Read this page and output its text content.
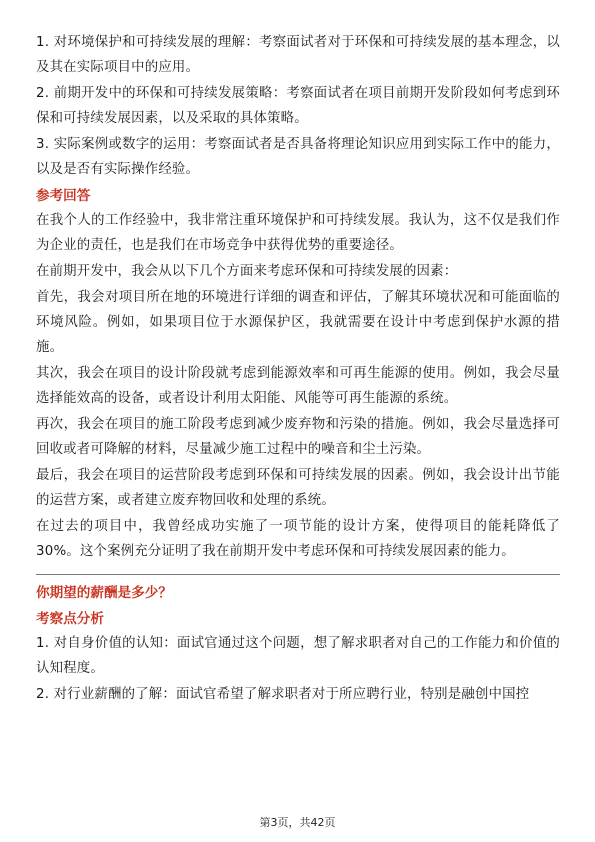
1. 对环境保护和可持续发展的理解：考察面试者对于环保和可持续发展的基本理念，以及其在实际项目中的应用。

2. 前期开发中的环保和可持续发展策略：考察面试者在项目前期开发阶段如何考虑到环保和可持续发展因素，以及采取的具体策略。

3. 实际案例或数字的运用：考察面试者是否具备将理论知识应用到实际工作中的能力，以及是否有实际操作经验。

参考回答

在我个人的工作经验中，我非常注重环境保护和可持续发展。我认为，这不仅是我们作为企业的责任，也是我们在市场竞争中获得优势的重要途径。

在前期开发中，我会从以下几个方面来考虑环保和可持续发展的因素：

首先，我会对项目所在地的环境进行详细的调查和评估，了解其环境状况和可能面临的环境风险。例如，如果项目位于水源保护区，我就需要在设计中考虑到保护水源的措施。

其次，我会在项目的设计阶段就考虑到能源效率和可再生能源的使用。例如，我会尽量选择能效高的设备，或者设计利用太阳能、风能等可再生能源的系统。

再次，我会在项目的施工阶段考虑到减少废弃物和污染的措施。例如，我会尽量选择可回收或者可降解的材料，尽量减少施工过程中的噪音和尘土污染。

最后，我会在项目的运营阶段考虑到环保和可持续发展的因素。例如，我会设计出节能的运营方案，或者建立废弃物回收和处理的系统。

在过去的项目中，我曾经成功实施了一项节能的设计方案，使得项目的能耗降低了30%。这个案例充分证明了我在前期开发中考虑环保和可持续发展因素的能力。

你期望的薪酬是多少？

考察点分析

1. 对自身价值的认知：面试官通过这个问题，想了解求职者对自己的工作能力和价值的认知程度。

2. 对行业薪酬的了解：面试官希望了解求职者对于所应聘行业，特别是融创中国控

第3页，共42页
